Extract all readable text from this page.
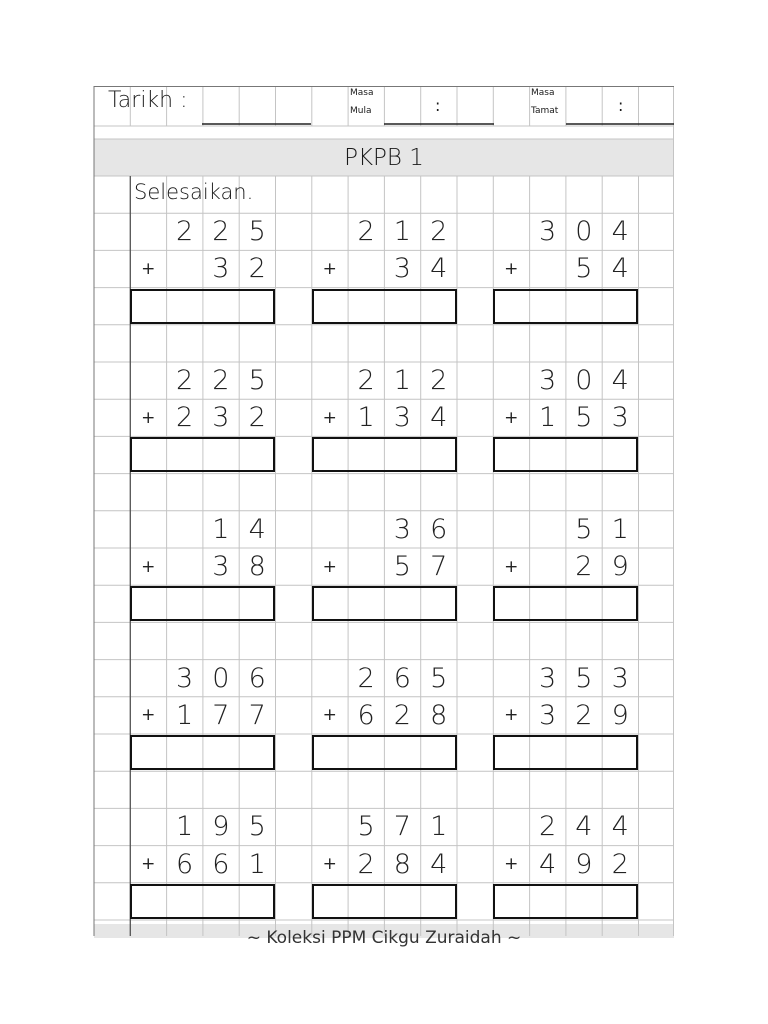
Tarikh :	Masa
Mula	:
Masa
Tamat	:
PKPB 1
Selesaikan.
2 2 5
+	3 2
2 1 2
+	3 4
3 0 4
+	5 4
2 2 5
+ 2 3 2
2 1 2
+ 1 3 4
3 0 4
+ 1 5 3
1 4
+	3 8
3 6
+	5 7
5 1
+	2 9
3 0 6
+ 1 7 7
2 6 5
+ 6 2 8
3 5 3
+ 3 2 9
1 9 5
+ 6 6 1
5 7 1
+ 2 8 4
2 4 4
+ 4 9 2
~ Koleksi PPM Cikgu Zuraidah ~
